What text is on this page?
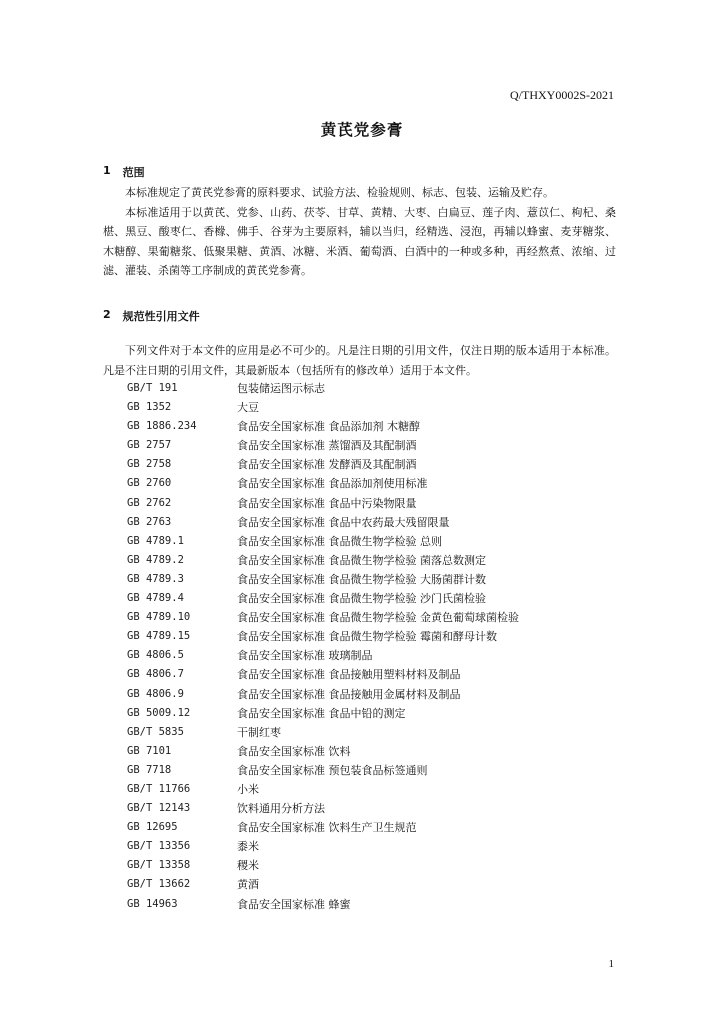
Q/THXY0002S-2021
黄芪党参膏
1 范围

本标准规定了黄芪党参膏的原料要求、试验方法、检验规则、标志、包装、运输及贮存。

本标准适用于以黄芪、党参、山药、茯苓、甘草、黄精、大枣、白扁豆、莲子肉、薏苡仁、枸杞、桑椹、黑豆、酸枣仁、香橼、佛手、谷芽为主要原料，辅以当归，经精选、浸泡，再辅以蜂蜜、麦芽糖浆、木糖醇、果葡糖浆、低聚果糖、黄酒、冰糖、米酒、葡萄酒、白酒中的一种或多种，再经熬煮、浓缩、过滤、灌装、杀菌等工序制成的黄芪党参膏。

2 规范性引用文件

下列文件对于本文件的应用是必不可少的。凡是注日期的引用文件，仅注日期的版本适用于本标准。凡是不注日期的引用文件，其最新版本（包括所有的修改单）适用于本文件。

GB/T 191	包装储运图示标志
GB 1352	大豆
GB 1886.234	食品安全国家标准 食品添加剂 木糖醇
GB 2757	食品安全国家标准 蒸馏酒及其配制酒
GB 2758	食品安全国家标准 发酵酒及其配制酒
GB 2760	食品安全国家标准 食品添加剂使用标准
GB 2762	食品安全国家标准 食品中污染物限量
GB 2763	食品安全国家标准 食品中农药最大残留限量
GB 4789.1	食品安全国家标准 食品微生物学检验 总则
GB 4789.2	食品安全国家标准 食品微生物学检验 菌落总数测定
GB 4789.3	食品安全国家标准 食品微生物学检验 大肠菌群计数
GB 4789.4	食品安全国家标准 食品微生物学检验 沙门氏菌检验
GB 4789.10	食品安全国家标准 食品微生物学检验 金黄色葡萄球菌检验
GB 4789.15	食品安全国家标准 食品微生物学检验 霉菌和酵母计数
GB 4806.5	食品安全国家标准 玻璃制品
GB 4806.7	食品安全国家标准 食品接触用塑料材料及制品
GB 4806.9	食品安全国家标准 食品接触用金属材料及制品
GB 5009.12	食品安全国家标准 食品中铅的测定
GB/T 5835	干制红枣
GB 7101	食品安全国家标准 饮料
GB 7718	食品安全国家标准 预包装食品标签通则
GB/T 11766	小米
GB/T 12143	饮料通用分析方法
GB 12695	食品安全国家标准 饮料生产卫生规范
GB/T 13356	黍米
GB/T 13358	稷米
GB/T 13662	黄酒
GB 14963	食品安全国家标准 蜂蜜
1
